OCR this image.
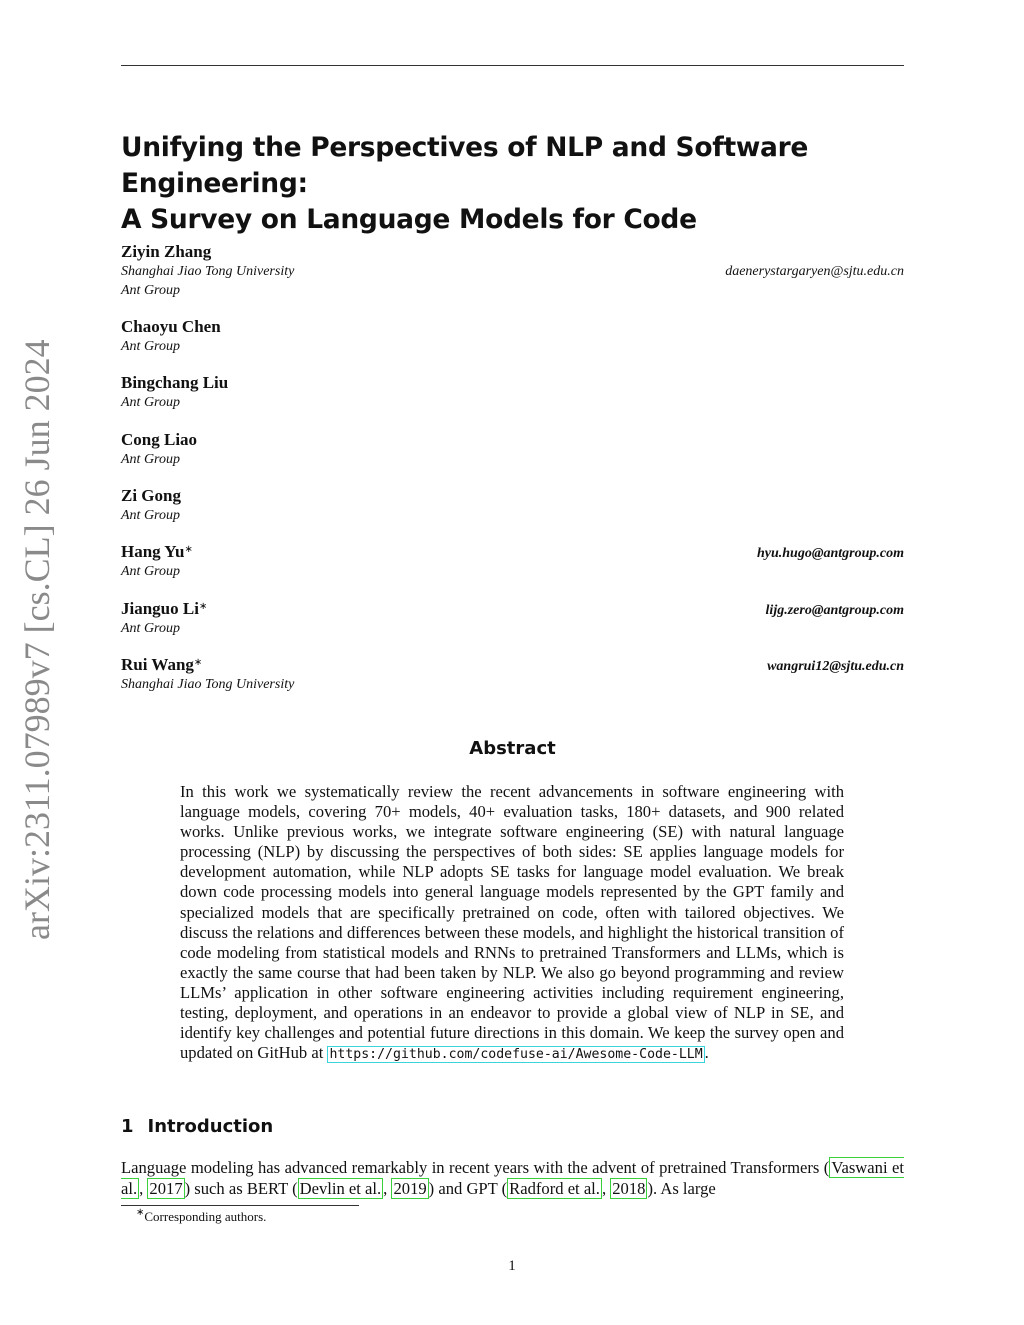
Unifying the Perspectives of NLP and Software Engineering:
A Survey on Language Models for Code
arXiv:2311.07989v7 [cs.CL] 26 Jun 2024
Ziyin Zhang
Shanghai Jiao Tong University	daenerystargaryen@sjtu.edu.cn
Ant Group
Chaoyu Chen
Ant Group
Bingchang Liu
Ant Group
Cong Liao
Ant Group
Zi Gong
Ant Group
Hang Yu∗	hyu.hugo@antgroup.com
Ant Group
Jianguo Li∗	lijg.zero@antgroup.com
Ant Group
Rui Wang∗	wangrui12@sjtu.edu.cn
Shanghai Jiao Tong University
Abstract
In this work we systematically review the recent advancements in software engineering with language models, covering 70+ models, 40+ evaluation tasks, 180+ datasets, and 900 related works. Unlike previous works, we integrate software engineering (SE) with natural language processing (NLP) by discussing the perspectives of both sides: SE applies language models for development automation, while NLP adopts SE tasks for language model evaluation. We break down code processing models into general language models represented by the GPT family and specialized models that are specifically pretrained on code, often with tailored objectives. We discuss the relations and differences between these models, and highlight the historical transition of code modeling from statistical models and RNNs to pretrained Transformers and LLMs, which is exactly the same course that had been taken by NLP. We also go beyond programming and review LLMs’ application in other software engineering activities including requirement engineering, testing, deployment, and operations in an endeavor to provide a global view of NLP in SE, and identify key challenges and potential future directions in this domain. We keep the survey open and updated on GitHub at https://github.com/codefuse-ai/Awesome-Code-LLM .
1 Introduction
Language modeling has advanced remarkably in recent years with the advent of pretrained Transformers ( Vaswani et al. , 2017 ) such as BERT ( Devlin et al. , 2019 ) and GPT ( Radford et al. , 2018 ). As large
∗Corresponding authors.
1
